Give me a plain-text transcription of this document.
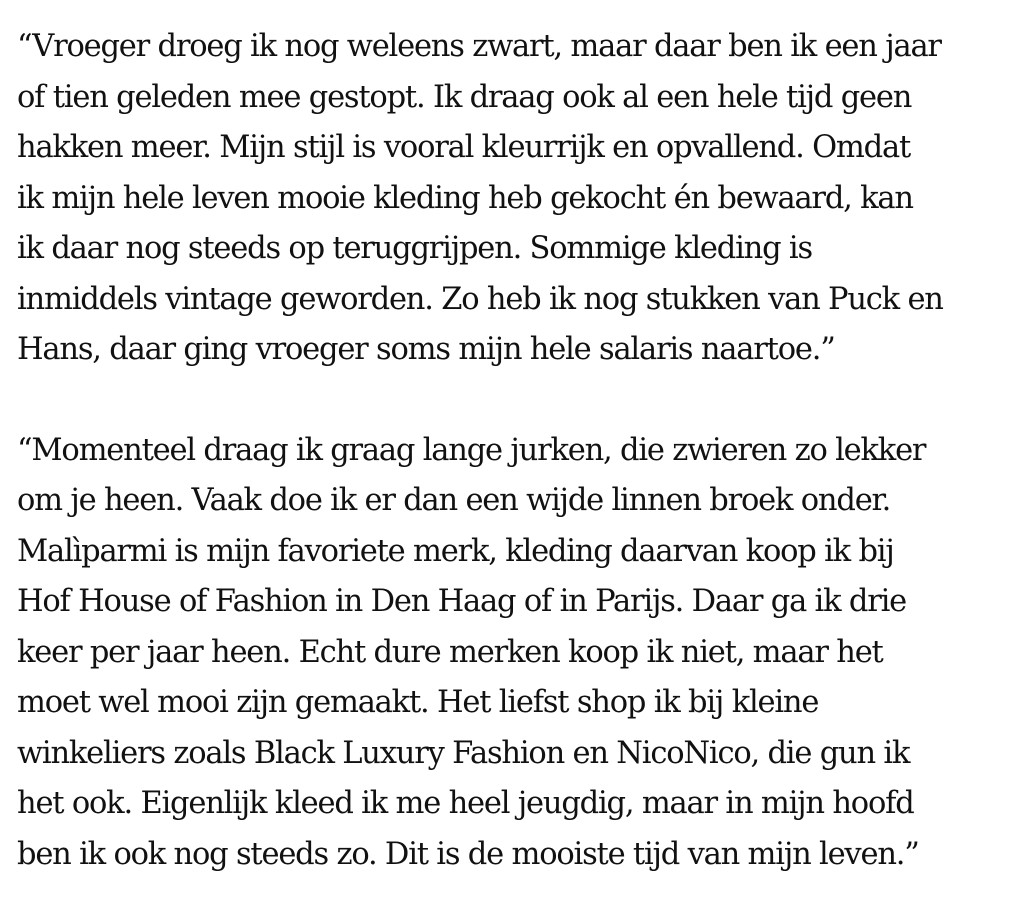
“Vroeger droeg ik nog weleens zwart, maar daar ben ik een jaar
of tien geleden mee gestopt. Ik draag ook al een hele tijd geen
hakken meer. Mijn stijl is vooral kleurrijk en opvallend. Omdat
ik mijn hele leven mooie kleding heb gekocht én bewaard, kan
ik daar nog steeds op teruggrijpen. Sommige kleding is
inmiddels vintage geworden. Zo heb ik nog stukken van Puck en
Hans, daar ging vroeger soms mijn hele salaris naartoe.”

“Momenteel draag ik graag lange jurken, die zwieren zo lekker
om je heen. Vaak doe ik er dan een wijde linnen broek onder.
Malìparmi is mijn favoriete merk, kleding daarvan koop ik bij
Hof House of Fashion in Den Haag of in Parijs. Daar ga ik drie
keer per jaar heen. Echt dure merken koop ik niet, maar het
moet wel mooi zijn gemaakt. Het liefst shop ik bij kleine
winkeliers zoals Black Luxury Fashion en NicoNico, die gun ik
het ook. Eigenlijk kleed ik me heel jeugdig, maar in mijn hoofd
ben ik ook nog steeds zo. Dit is de mooiste tijd van mijn leven.”
